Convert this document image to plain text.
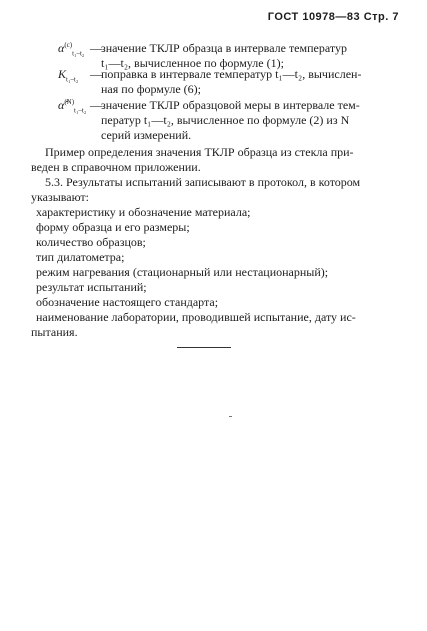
ГОСТ 10978—83 Стр. 7
$\alpha^{(c)}_{t_1-t_2}$ — значение ТКЛР образца в интервале температур
t₁—t₂, вычисленное по формуле (1);
$K_{t_1-t_2}$ — поправка в интервале температур t₁—t₂, вычислен-
ная по формуле (6);
α̂$^{(N)}_{t_1-t_2}$ — значение ТКЛР образцовой меры в интервале тем-
ператур t₁—t₂, вычисленное по формуле (2) из N
серий измерений.
Пример определения значения ТКЛР образца из стекла при-
веден в справочном приложении.
5.3. Результаты испытаний записывают в протокол, в котором
указывают:
характеристику и обозначение материала;
форму образца и его размеры;
количество образцов;
тип дилатометра;
режим нагревания (стационарный или нестационарный);
результат испытаний;
обозначение настоящего стандарта;
наименование лаборатории, проводившей испытание, дату ис-
пытания.
